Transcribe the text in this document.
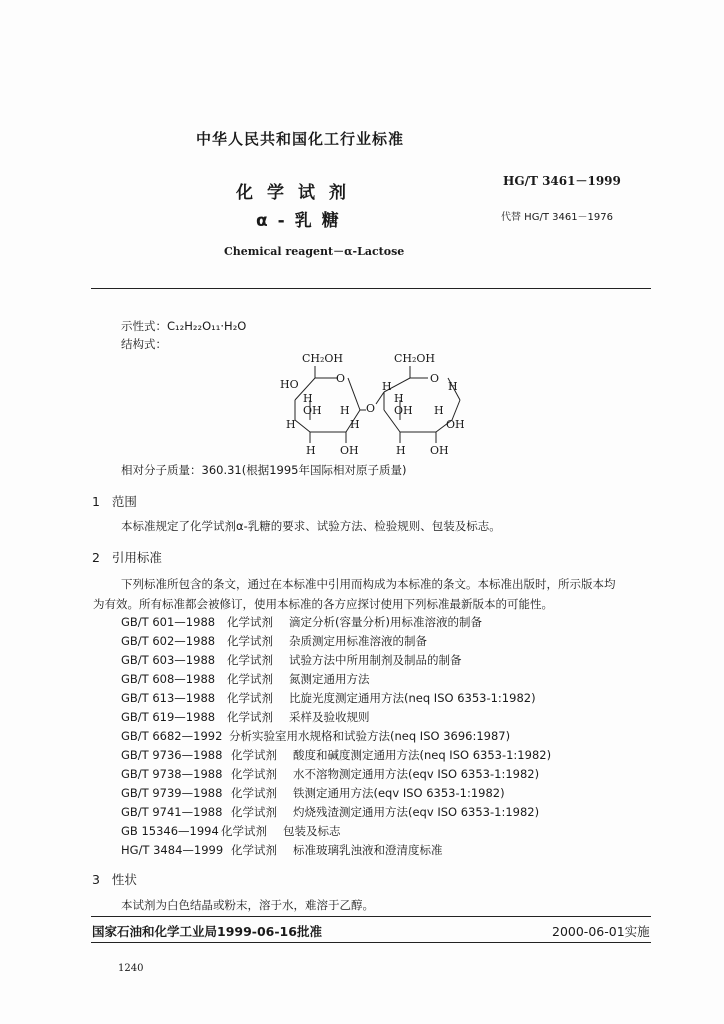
中华人民共和国化工行业标准
化学试剂
HG/T 3461－1999
α-乳糖	代替 HG/T 3461－1976
Chemical reagent－α-Lactose
示性式：C₁₂H₂₂O₁₁·H₂O
结构式：
CH₂OH
HO	O
H
OH
H
H
H
H OH
O
CH₂OH
O
H
H
H
OH H
OH
H OH
相对分子质量：360.31(根据1995年国际相对原子质量)
1 范围
本标准规定了化学试剂α-乳糖的要求、试验方法、检验规则、包装及标志。
2 引用标准
下列标准所包含的条文，通过在本标准中引用而构成为本标准的条文。本标准出版时，所示版本均
为有效。所有标准都会被修订，使用本标准的各方应探讨使用下列标准最新版本的可能性。
GB/T 601—1988 化学试剂 滴定分析(容量分析)用标准溶液的制备
GB/T 602—1988 化学试剂 杂质测定用标准溶液的制备
GB/T 603—1988 化学试剂 试验方法中所用制剂及制品的制备
GB/T 608—1988 化学试剂 氮测定通用方法
GB/T 613—1988 化学试剂 比旋光度测定通用方法(neq ISO 6353-1:1982)
GB/T 619—1988 化学试剂 采样及验收规则
GB/T 6682—1992 分析实验室用水规格和试验方法(neq ISO 3696:1987)
GB/T 9736—1988 化学试剂 酸度和碱度测定通用方法(neq ISO 6353-1:1982)
GB/T 9738—1988 化学试剂 水不溶物测定通用方法(eqv ISO 6353-1:1982)
GB/T 9739—1988 化学试剂 铁测定通用方法(eqv ISO 6353-1:1982)
GB/T 9741—1988 化学试剂 灼烧残渣测定通用方法(eqv ISO 6353-1:1982)
GB 15346—1994 化学试剂 包装及标志
HG/T 3484—1999 化学试剂 标准玻璃乳浊液和澄清度标准
3 性状
本试剂为白色结晶或粉末，溶于水，难溶于乙醇。
国家石油和化学工业局1999-06-16批准	2000-06-01实施
1240
